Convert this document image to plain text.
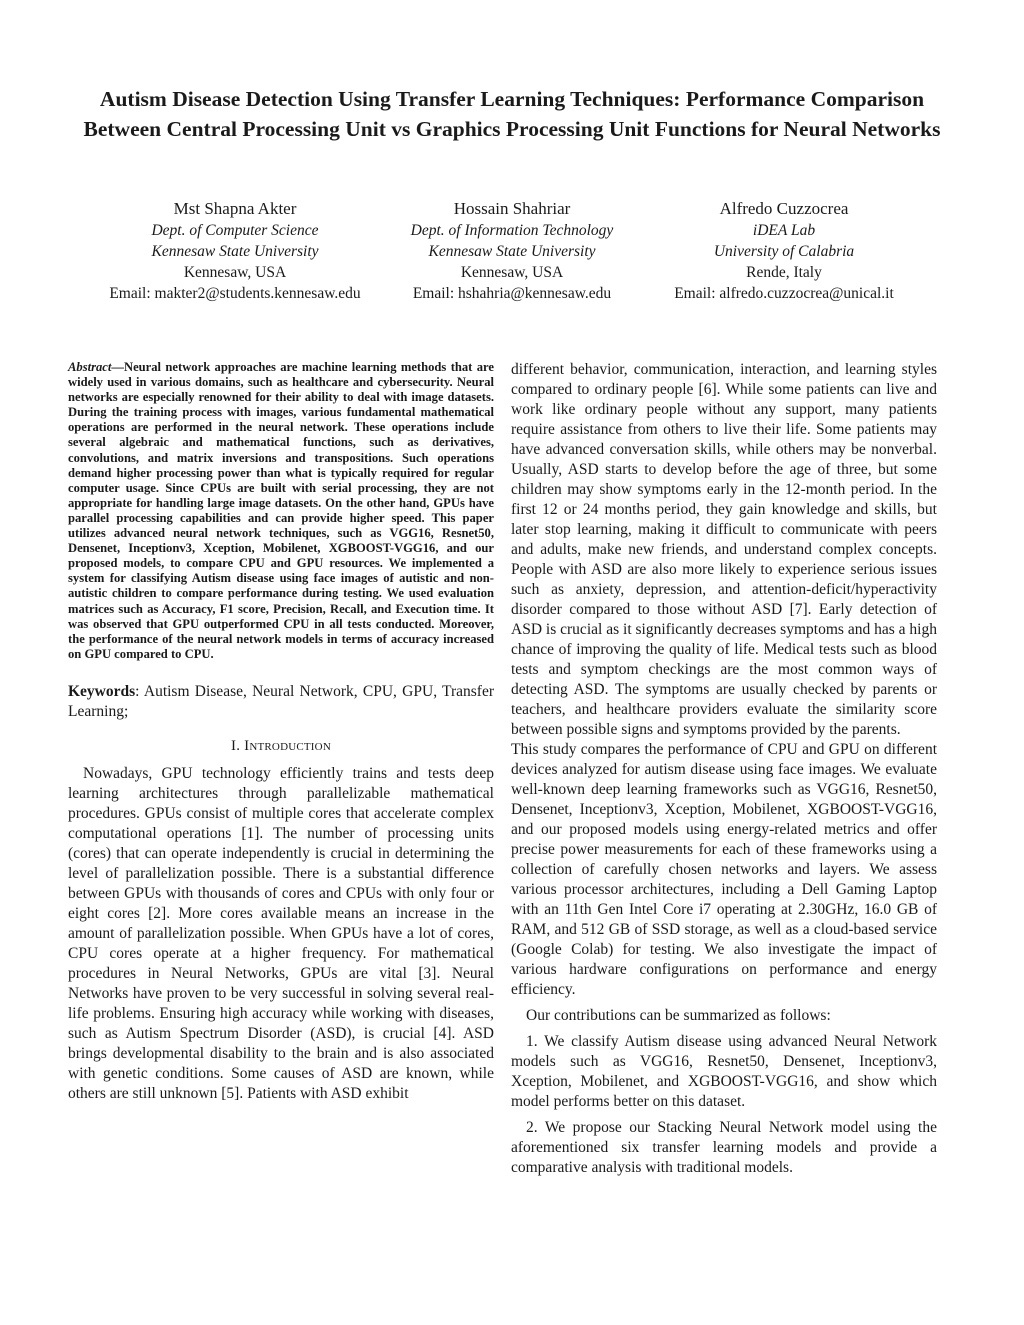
Autism Disease Detection Using Transfer Learning Techniques: Performance Comparison Between Central Processing Unit vs Graphics Processing Unit Functions for Neural Networks
Mst Shapna Akter
Dept. of Computer Science
Kennesaw State University
Kennesaw, USA
Email: makter2@students.kennesaw.edu
Hossain Shahriar
Dept. of Information Technology
Kennesaw State University
Kennesaw, USA
Email: hshahria@kennesaw.edu
Alfredo Cuzzocrea
iDEA Lab
University of Calabria
Rende, Italy
Email: alfredo.cuzzocrea@unical.it

Abstract—Neural network approaches are machine learning methods that are widely used in various domains, such as healthcare and cybersecurity. Neural networks are especially renowned for their ability to deal with image datasets. During the training process with images, various fundamental mathematical operations are performed in the neural network. These operations include several algebraic and mathematical functions, such as derivatives, convolutions, and matrix inversions and transpositions. Such operations demand higher processing power than what is typically required for regular computer usage. Since CPUs are built with serial processing, they are not appropriate for handling large image datasets. On the other hand, GPUs have parallel processing capabilities and can provide higher speed. This paper utilizes advanced neural network techniques, such as VGG16, Resnet50, Densenet, Inceptionv3, Xception, Mobilenet, XGBOOST-VGG16, and our proposed models, to compare CPU and GPU resources. We implemented a system for classifying Autism disease using face images of autistic and non-autistic children to compare performance during testing. We used evaluation matrices such as Accuracy, F1 score, Precision, Recall, and Execution time. It was observed that GPU outperformed CPU in all tests conducted. Moreover, the performance of the neural network models in terms of accuracy increased on GPU compared to CPU.

Keywords: Autism Disease, Neural Network, CPU, GPU, Transfer Learning;

I. Introduction

Nowadays, GPU technology efficiently trains and tests deep learning architectures through parallelizable mathematical procedures. GPUs consist of multiple cores that accelerate complex computational operations [1]. The number of processing units (cores) that can operate independently is crucial in determining the level of parallelization possible. There is a substantial difference between GPUs with thousands of cores and CPUs with only four or eight cores [2]. More cores available means an increase in the amount of parallelization possible. When GPUs have a lot of cores, CPU cores operate at a higher frequency. For mathematical procedures in Neural Networks, GPUs are vital [3]. Neural Networks have proven to be very successful in solving several real-life problems. Ensuring high accuracy while working with diseases, such as Autism Spectrum Disorder (ASD), is crucial [4]. ASD brings developmental disability to the brain and is also associated with genetic conditions. Some causes of ASD are known, while others are still unknown [5]. Patients with ASD exhibit

different behavior, communication, interaction, and learning styles compared to ordinary people [6]. While some patients can live and work like ordinary people without any support, many patients require assistance from others to live their life. Some patients may have advanced conversation skills, while others may be nonverbal. Usually, ASD starts to develop before the age of three, but some children may show symptoms early in the 12-month period. In the first 12 or 24 months period, they gain knowledge and skills, but later stop learning, making it difficult to communicate with peers and adults, make new friends, and understand complex concepts. People with ASD are also more likely to experience serious issues such as anxiety, depression, and attention-deficit/hyperactivity disorder compared to those without ASD [7]. Early detection of ASD is crucial as it significantly decreases symptoms and has a high chance of improving the quality of life. Medical tests such as blood tests and symptom checkings are the most common ways of detecting ASD. The symptoms are usually checked by parents or teachers, and healthcare providers evaluate the similarity score between possible signs and symptoms provided by the parents.

This study compares the performance of CPU and GPU on different devices analyzed for autism disease using face images. We evaluate well-known deep learning frameworks such as VGG16, Resnet50, Densenet, Inceptionv3, Xception, Mobilenet, XGBOOST-VGG16, and our proposed models using energy-related metrics and offer precise power measurements for each of these frameworks using a collection of carefully chosen networks and layers. We assess various processor architectures, including a Dell Gaming Laptop with an 11th Gen Intel Core i7 operating at 2.30GHz, 16.0 GB of RAM, and 512 GB of SSD storage, as well as a cloud-based service (Google Colab) for testing. We also investigate the impact of various hardware configurations on performance and energy efficiency.

Our contributions can be summarized as follows:

1. We classify Autism disease using advanced Neural Network models such as VGG16, Resnet50, Densenet, Inceptionv3, Xception, Mobilenet, and XGBOOST-VGG16, and show which model performs better on this dataset.

2. We propose our Stacking Neural Network model using the aforementioned six transfer learning models and provide a comparative analysis with traditional models.
